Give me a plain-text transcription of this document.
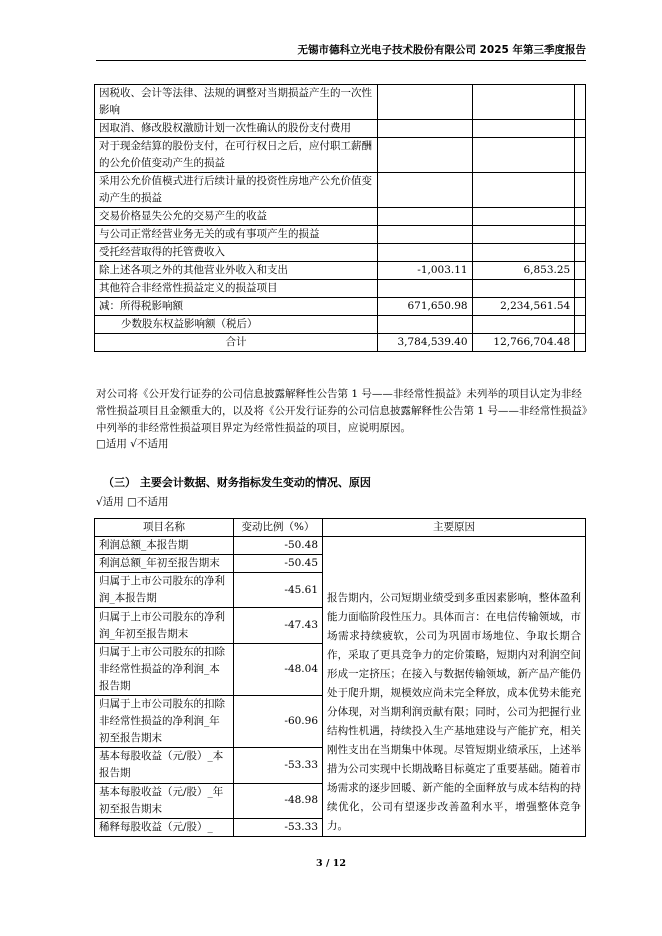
无锡市德科立光电子技术股份有限公司 2025 年第三季度报告
因税收、会计等法律、法规的调整对当期损益产生的一次性影响			
因取消、修改股权激励计划一次性确认的股份支付费用			
对于现金结算的股份支付，在可行权日之后，应付职工薪酬的公允价值变动产生的损益			
采用公允价值模式进行后续计量的投资性房地产公允价值变动产生的损益			
交易价格显失公允的交易产生的收益			
与公司正常经营业务无关的或有事项产生的损益			
受托经营取得的托管费收入			
除上述各项之外的其他营业外收入和支出	-1,003.11	6,853.25	
其他符合非经常性损益定义的损益项目			
减：所得税影响额	671,650.98	2,234,561.54	
少数股东权益影响额（税后）			
合计	3,784,539.40	12,766,704.48	
对公司将《公开发行证券的公司信息披露解释性公告第 1 号——非经常性损益》未列举的项目认定为非经常性损益项目且金额重大的，以及将《公开发行证券的公司信息披露解释性公告第 1 号——非经常性损益》中列举的非经常性损益项目界定为经常性损益的项目，应说明原因。
□适用 √不适用
（三） 主要会计数据、财务指标发生变动的情况、原因
√适用 □不适用
项目名称	变动比例（%）	主要原因
利润总额_本报告期	-50.48	报告期内，公司短期业绩受到多重因素影响，整体盈利能力面临阶段性压力。具体而言：在电信传输领域，市场需求持续疲软，公司为巩固市场地位、争取长期合作，采取了更具竞争力的定价策略，短期内对利润空间形成一定挤压；在接入与数据传输领域，新产品产能仍处于爬升期，规模效应尚未完全释放，成本优势未能充分体现，对当期利润贡献有限；同时，公司为把握行业结构性机遇，持续投入生产基地建设与产能扩充，相关刚性支出在当期集中体现。尽管短期业绩承压，上述举措为公司实现中长期战略目标奠定了重要基础。随着市场需求的逐步回暖、新产能的全面释放与成本结构的持续优化，公司有望逐步改善盈利水平，增强整体竞争力。
利润总额_年初至报告期末	-50.45	
归属于上市公司股东的净利润_本报告期	-45.61	
归属于上市公司股东的净利润_年初至报告期末	-47.43	
归属于上市公司股东的扣除非经常性损益的净利润_本报告期	-48.04	
归属于上市公司股东的扣除非经常性损益的净利润_年初至报告期末	-60.96	
基本每股收益（元/股）_本报告期	-53.33	
基本每股收益（元/股）_年初至报告期末	-48.98	
稀释每股收益（元/股）_	-53.33	
3 / 12
